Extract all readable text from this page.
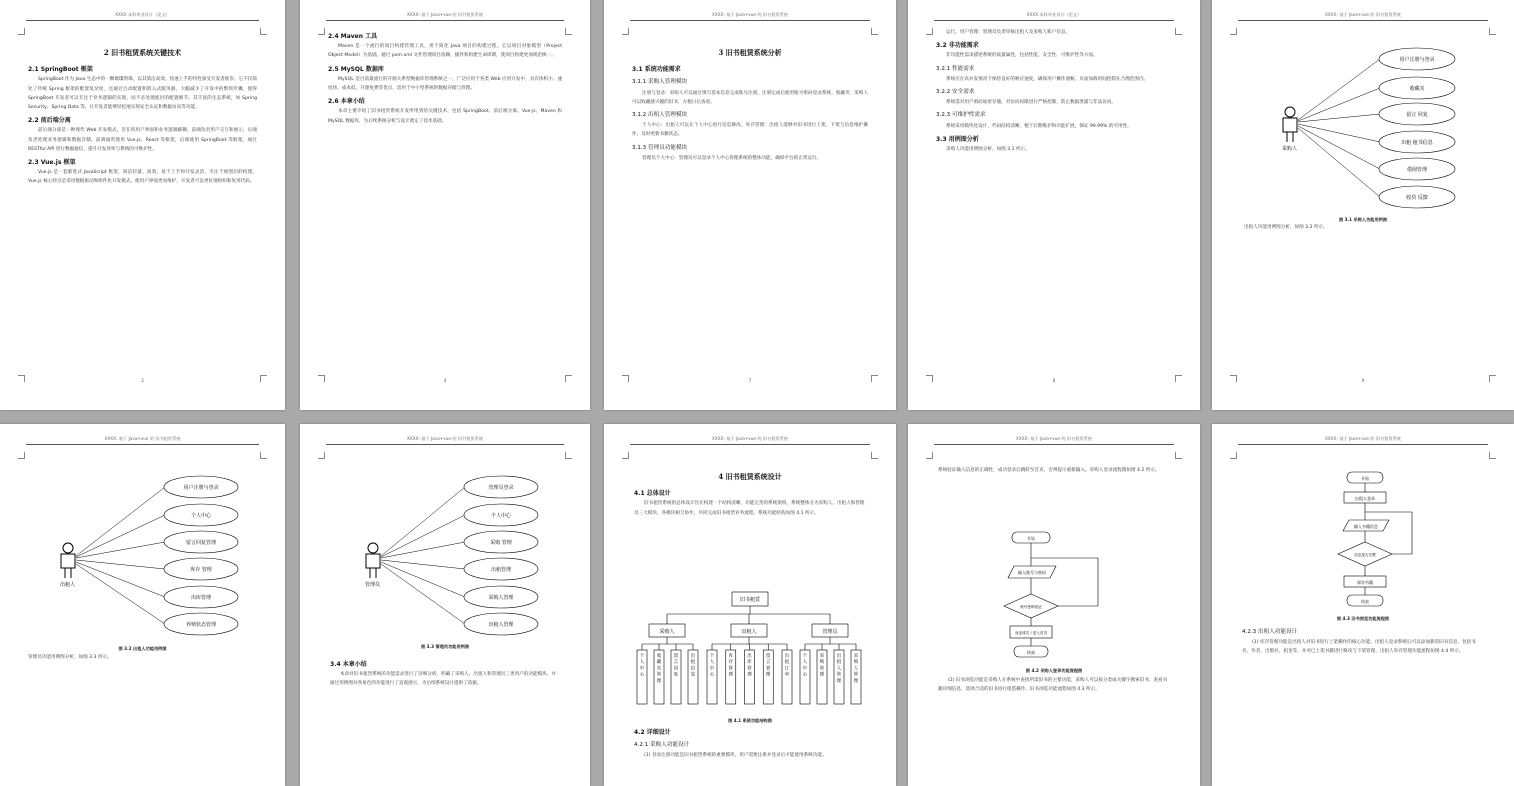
XXXX 本科毕业设计（论文）
2 旧书租赁系统关键技术
2.1 SpringBoot 框架

SpringBoot 作为 Java 生态中的一颗璀璨明珠，以其简洁高效、快速上手的特性深受开发者推崇。它不仅简化了传统 Spring 框架的配置复杂度，还通过自动配置和嵌入式服务器，大幅减少了开发中的繁琐步骤，使得 SpringBoot 开发者可以专注于业务逻辑的实现，而不必处理底层的配置细节。其丰富的生态系统，如 Spring Security、Spring Data 等，让开发者能够轻松地实现安全认证和数据访问等功能。

2.2 前后端分离

前后端分离是一种现代 Web 开发模式，旨在将用户界面和业务逻辑解耦，前端负责用户交互和展示，后端负责处理业务逻辑和数据存储。前端通常使用 Vue.js、React 等框架，后端使用 SpringBoot 等框架，通过 RESTful API 进行数据通信，提升开发效率与系统的可维护性。

2.3 Vue.js 框架

Vue.js 是一套渐进式 JavaScript 框架，简洁轻量、高效、易于上手和开发灵活，专注于视图层的构建。Vue.js 核心特点是采用数据驱动和组件化开发模式，使用户界面更易维护，开发者可以更好地组织和复用代码。

2
XXXX: 基于 Java+vue 的 旧书租赁系统
2.4 Maven 工具

Maven 是一个流行的项目构建管理工具，用于简化 Java 项目的构建过程。它以项目对象模型（Project Object Model）为基础，通过 pom.xml 文件管理项目依赖、插件和构建生命周期，使项目构建更加规范统一。

2.5 MySQL 数据库

MySQL 是目前最流行的开源关系型数据库管理系统之一，广泛应用于各类 Web 应用开发中，具有体积小、速度快、成本低、开源免费等优点，适用于中小型系统的数据存储与管理。

2.6 本章小结

本章主要介绍了旧书租赁系统开发所用到的关键技术，包括 SpringBoot、前后端分离、Vue.js、Maven 和 MySQL 数据库，为后续系统分析与设计奠定了技术基础。

4
XXXX: 基于 Java+vue 的 旧书租赁系统
3 旧书租赁系统分析
3.1 系统功能需求
3.1.1 采购人管理模块

注册与登录：采购人可以通过填写基本信息完成账号注册，注册完成后使用账号密码登录系统。收藏夹：采购人可以收藏感兴趣的旧书，方便日后查看。

3.1.2 出租人管理模块

个人中心：出租人可以在个人中心进行信息修改。库存管理：出租人能够对旧书进行上架、下架与信息维护操作，及时更新书籍状态。

3.1.3 管理员功能模块

管理员个人中心：管理员可以登录个人中心管理系统的整体功能，确保平台的正常运行。

7
XXXX 本科毕业设计（论文）

运行。用户管理：管理员负责审核出租人及采购人账户信息。

3.2 非功能需求

非功能性需求描述系统的质量属性，包括性能、安全性、可维护性等方面。

3.2.1 性能需求

系统应在高并发情况下保持良好的响应速度，确保用户操作流畅，页面加载时间控制在合理范围内。

3.2.2 安全需求

系统需对用户密码加密存储，对访问权限进行严格控制，防止数据泄露与非法访问。

3.2.3 可维护性需求

系统采用模块化设计，代码结构清晰，便于后期维护和功能扩展，保证 99.99% 的可用性。

3.3 用例图分析

采购人功能用例图分析，如图 3.1 所示。

8
XXXX: 基于 Java+vue 的 旧书租赁系统
采购人
用户注册与登录
收藏夹
留言 回复
出租 租书信息
借阅管理
收货 反馈
图 3.1 采购人功能用例图
出租人功能用例图分析，如图 3.2 所示。
9
XXXX: 基于 Java+vue 的 旧书租赁系统
出租人
用户注册与登录
个人中心
留言回复管理
库存 管理
出库管理
养殖状态管理
图 3.2 出租人功能用例图
管理员功能用例图分析，如图 3.3 所示。
XXXX: 基于 Java+vue 的 旧书租赁系统
管理员
管理员登录
个人中心
采购 管理
出租管理
采购人管理
出租人管理
图 3.3 管理员功能用例图
3.4 本章小结

本章对旧书租赁系统的功能需求进行了详细分析，明确了采购人、出租人和管理员三类用户的功能模块，并通过用例图对各角色的功能进行了直观展示，为后续系统设计提供了依据。

XXXX: 基于 Java+vue 的 旧书租赁系统
4 旧书租赁系统设计
4.1 总体设计

旧书租赁系统的总体设计旨在构建一个结构清晰、功能完善的系统架构，系统整体分为采购人、出租人和管理员三大模块，各模块相互协作，共同完成旧书租赁业务流程。系统功能结构如图 4.1 所示。

个人中心
收藏夹管理
留言回复
出租信息
个人中心
库存管理
出库管理
留言管理
出租订单
个人中心
采购管理
出租人管理
采购人管理
旧书租赁
采购人	出租人	管理员
图 4.1 系统功能结构图
4.2 详细设计
4.2.1 采购人功能设计

(1) 登录注册功能是旧书租赁系统的重要模块，用户需要注册并登录后才能使用系统功能。

XXXX: 基于 Java+vue 的 旧书租赁系统

系统验证输入信息的正确性，成功登录后跳转至首页，否则提示重新输入。采购人登录流程图如图 4.2 所示。

开始
输入账号与密码
账号密码验证
登录成功 / 进入首页
结束
图 4.2 采购人登录功能流程图

(2) 旧书浏览功能是采购人在系统中查找所需旧书的主要功能，采购人可以按分类或关键字搜索旧书，查看书籍详细信息，选择合适的旧书进行租借操作。旧书浏览功能流程如图 4.3 所示。

XXXX: 基于 Java+vue 的 旧书租赁系统
开始
出租人登录
输入书籍信息
信息是否完整
保存书籍
结束
图 4.3 旧书浏览功能流程图
4.2.3 出租人功能设计

(1) 库存管理功能是出租人对旧书进行上架操作的核心功能。出租人登录系统后可以添加新的旧书信息，包括书名、作者、出版社、租金等，并对已上架书籍进行修改与下架管理。出租人库存管理功能流程如图 4.4 所示。
